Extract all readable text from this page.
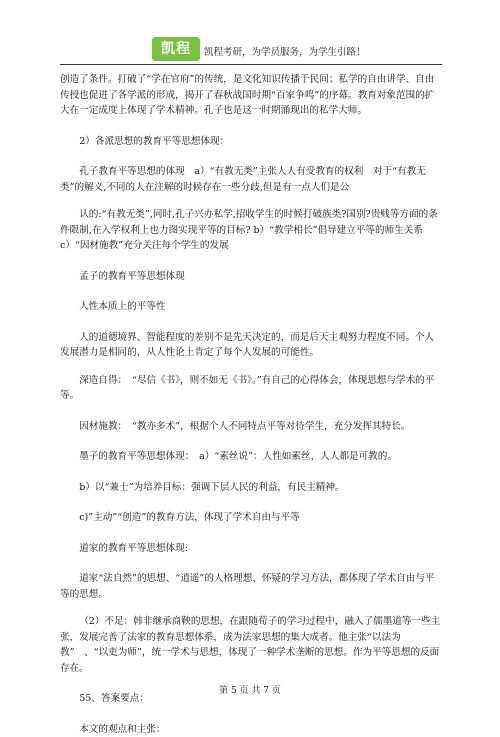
凯程	凯程考研，为学员服务，为学生引路！

创造了条件。打破了“学在官府”的传统，是文化知识传播于民间；私学的自由讲学、自由传授也促进了各学派的形成，揭开了春秋战国时期“百家争鸣”的序幕。教育对象范围的扩大在一定成度上体现了学术精神。孔子也是这一时期涌现出的私学大师。

2）各派思想的教育平等思想体现：

孔子教育平等思想的体现　a）“有教无类”主张人人有受教育的权利　对于“有教无类”的解义,不同的人在注解的时候存在一些分歧,但是有一点人们是公

认的:“有教无类”,同时,孔子兴办私学,招收学生的时候打破族类?国别?贵贱等方面的条件限制,在入学权利上也力图实现平等的目标? b）“教学相长”倡导建立平等的师生关系 c）“因材施教”充分关注每个学生的发展

孟子的教育平等思想体现

人性本质上的平等性

人的道德境界、智能程度的差别不是先天决定的，而是后天主观努力程度不同。个人发展潜力是相同的，从人性论上肯定了每个人发展的可能性。

深造自得：　“尽信《书》，则不如无《书》。”有自己的心得体会，体现思想与学术的平等。

因材施教：　“教亦多术”，根据个人不同特点平等对待学生，充分发挥其特长。

墨子的教育平等思想体现：　a）“素丝说”：人性如素丝，人人都是可教的。

b）以“兼士”为培养目标：强调下层人民的利益，有民主精神。

c)”主动”“创造”的教育方法，体现了学术自由与平等

道家的教育平等思想体现:

道家“法自然”的思想、“逍遥”的人格理想、怀疑的学习方法，都体现了学术自由与平等的思想。

（2）不足：韩非继承商鞅的思想，在跟随荀子的学习过程中，融入了儒墨道等一些主张，发展完善了法家的教育思想体系，成为法家思想的集大成者。他主张“以法为教”　、“以吏为师”，统一学术与思想，体现了一种学术垄断的思想。作为平等思想的反面存在。

55、答案要点：

本文的观点和主张：

第 5 页 共 7 页
